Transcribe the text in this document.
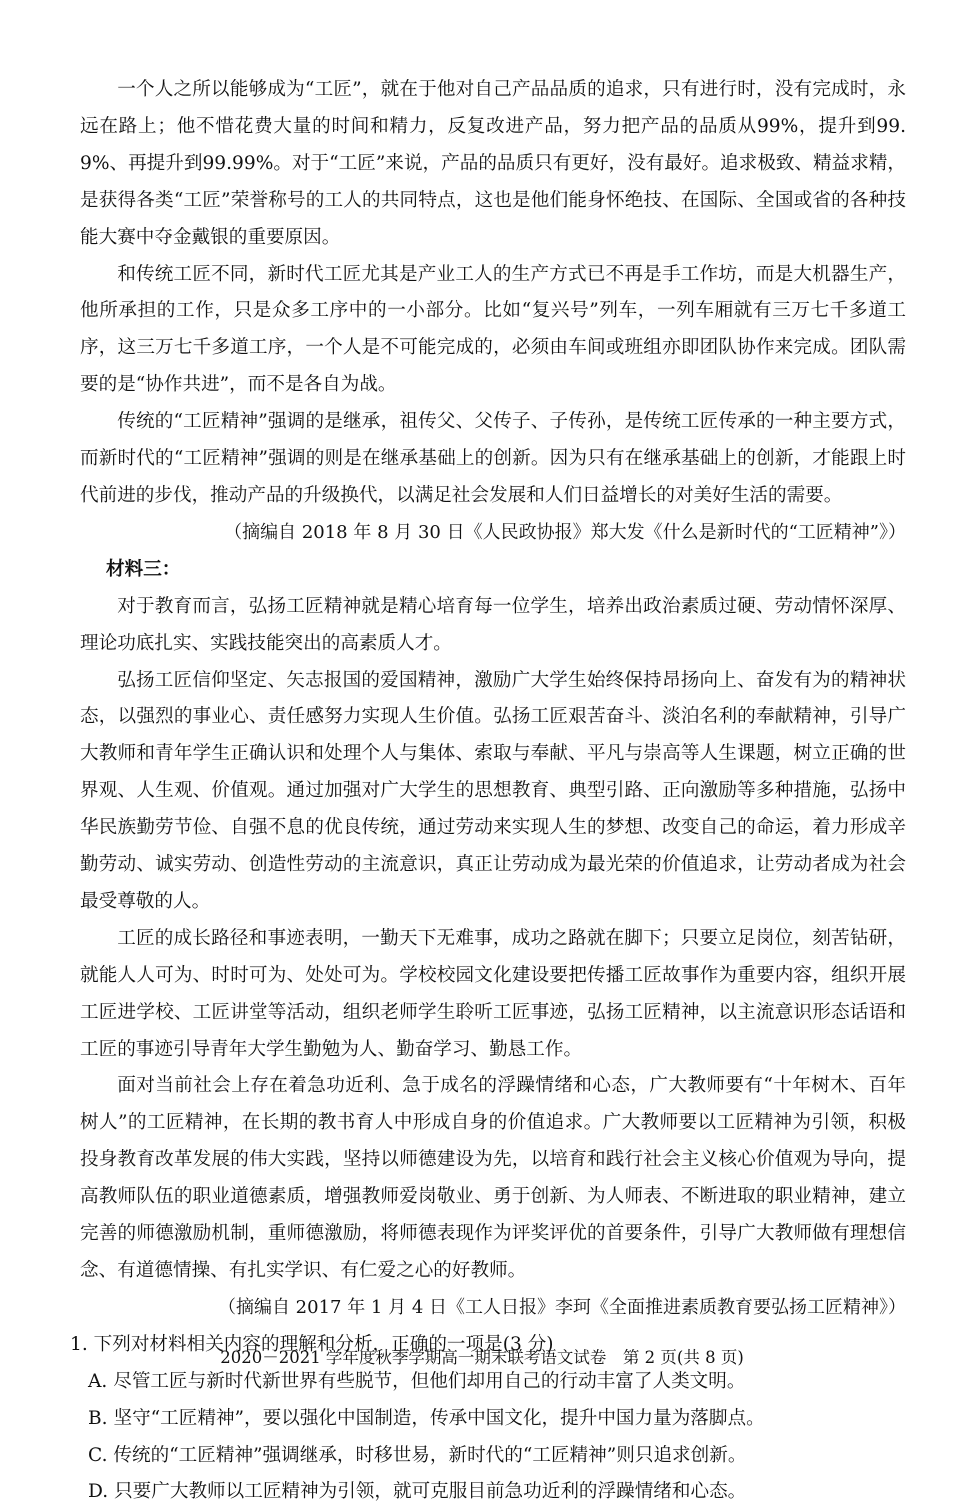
一个人之所以能够成为“工匠”，就在于他对自己产品品质的追求，只有进行时，没有完成时，永远在路上；他不惜花费大量的时间和精力，反复改进产品，努力把产品的品质从99%，提升到99.9%、再提升到99.99%。对于“工匠”来说，产品的品质只有更好，没有最好。追求极致、精益求精，是获得各类“工匠”荣誉称号的工人的共同特点，这也是他们能身怀绝技、在国际、全国或省的各种技能大赛中夺金戴银的重要原因。

和传统工匠不同，新时代工匠尤其是产业工人的生产方式已不再是手工作坊，而是大机器生产，他所承担的工作，只是众多工序中的一小部分。比如“复兴号”列车，一列车厢就有三万七千多道工序，这三万七千多道工序，一个人是不可能完成的，必须由车间或班组亦即团队协作来完成。团队需要的是“协作共进”，而不是各自为战。

传统的“工匠精神”强调的是继承，祖传父、父传子、子传孙，是传统工匠传承的一种主要方式，而新时代的“工匠精神”强调的则是在继承基础上的创新。因为只有在继承基础上的创新，才能跟上时代前进的步伐，推动产品的升级换代，以满足社会发展和人们日益增长的对美好生活的需要。

（摘编自 2018 年 8 月 30 日《人民政协报》郑大发《什么是新时代的“工匠精神”》）

材料三：

对于教育而言，弘扬工匠精神就是精心培育每一位学生，培养出政治素质过硬、劳动情怀深厚、理论功底扎实、实践技能突出的高素质人才。

弘扬工匠信仰坚定、矢志报国的爱国精神，激励广大学生始终保持昂扬向上、奋发有为的精神状态，以强烈的事业心、责任感努力实现人生价值。弘扬工匠艰苦奋斗、淡泊名利的奉献精神，引导广大教师和青年学生正确认识和处理个人与集体、索取与奉献、平凡与崇高等人生课题，树立正确的世界观、人生观、价值观。通过加强对广大学生的思想教育、典型引路、正向激励等多种措施，弘扬中华民族勤劳节俭、自强不息的优良传统，通过劳动来实现人生的梦想、改变自己的命运，着力形成辛勤劳动、诚实劳动、创造性劳动的主流意识，真正让劳动成为最光荣的价值追求，让劳动者成为社会最受尊敬的人。

工匠的成长路径和事迹表明，一勤天下无难事，成功之路就在脚下；只要立足岗位，刻苦钻研，就能人人可为、时时可为、处处可为。学校校园文化建设要把传播工匠故事作为重要内容，组织开展工匠进学校、工匠讲堂等活动，组织老师学生聆听工匠事迹，弘扬工匠精神，以主流意识形态话语和工匠的事迹引导青年大学生勤勉为人、勤奋学习、勤恳工作。

面对当前社会上存在着急功近利、急于成名的浮躁情绪和心态，广大教师要有“十年树木、百年树人”的工匠精神，在长期的教书育人中形成自身的价值追求。广大教师要以工匠精神为引领，积极投身教育改革发展的伟大实践，坚持以师德建设为先，以培育和践行社会主义核心价值观为导向，提高教师队伍的职业道德素质，增强教师爱岗敬业、勇于创新、为人师表、不断进取的职业精神，建立完善的师德激励机制，重师德激励，将师德表现作为评奖评优的首要条件，引导广大教师做有理想信念、有道德情操、有扎实学识、有仁爱之心的好教师。

（摘编自 2017 年 1 月 4 日《工人日报》李珂《全面推进素质教育要弘扬工匠精神》）

1. 下列对材料相关内容的理解和分析，正确的一项是(3 分)

A. 尽管工匠与新时代新世界有些脱节，但他们却用自己的行动丰富了人类文明。

B. 坚守“工匠精神”，要以强化中国制造，传承中国文化，提升中国力量为落脚点。

C. 传统的“工匠精神”强调继承，时移世易，新时代的“工匠精神”则只追求创新。

D. 只要广大教师以工匠精神为引领，就可克服目前急功近利的浮躁情绪和心态。

2020－2021 学年度秋季学期高一期末联考语文试卷　第 2 页(共 8 页)
